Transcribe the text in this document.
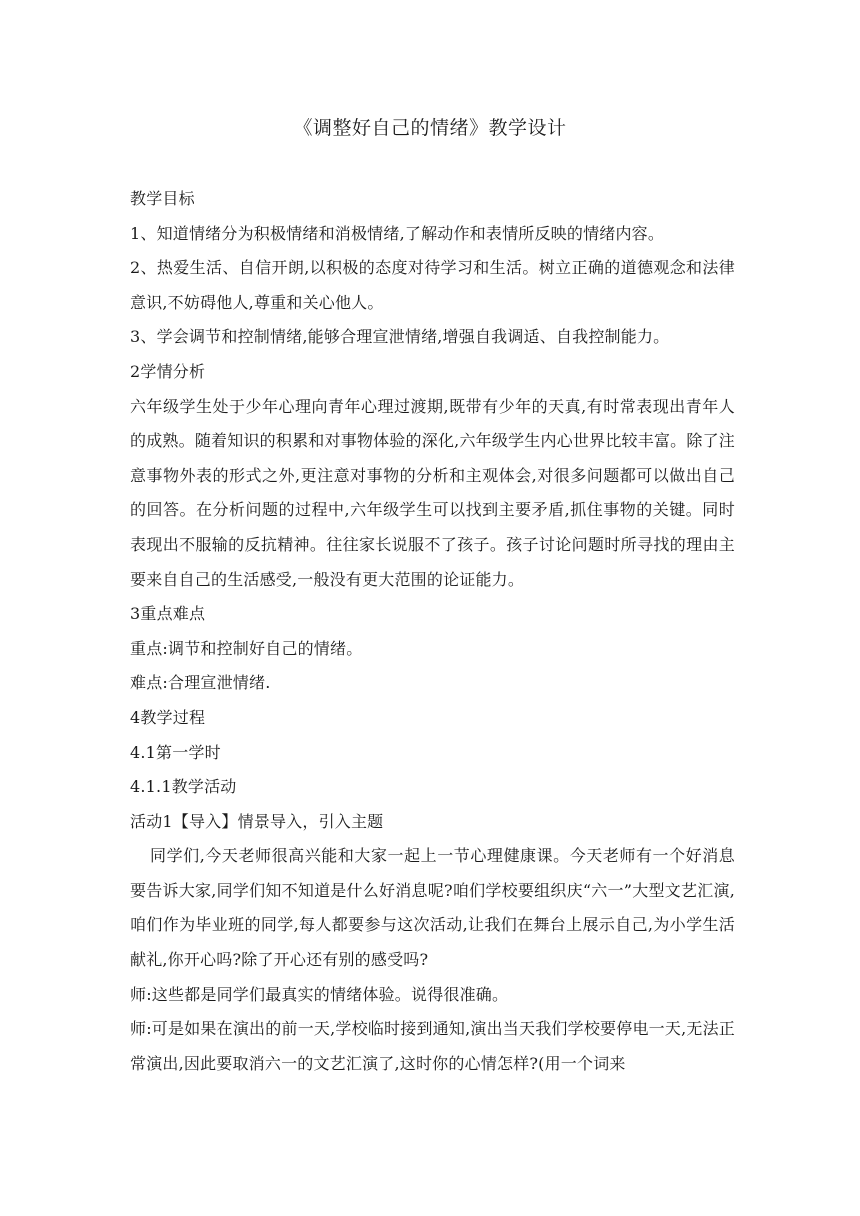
《调整好自己的情绪》教学设计

教学目标

1、知道情绪分为积极情绪和消极情绪,了解动作和表情所反映的情绪内容。

2、热爱生活、自信开朗,以积极的态度对待学习和生活。树立正确的道德观念和法律意识,不妨碍他人,尊重和关心他人。

3、学会调节和控制情绪,能够合理宣泄情绪,增强自我调适、自我控制能力。

2学情分析

六年级学生处于少年心理向青年心理过渡期,既带有少年的天真,有时常表现出青年人的成熟。随着知识的积累和对事物体验的深化,六年级学生内心世界比较丰富。除了注意事物外表的形式之外,更注意对事物的分析和主观体会,对很多问题都可以做出自己的回答。在分析问题的过程中,六年级学生可以找到主要矛盾,抓住事物的关键。同时表现出不服输的反抗精神。往往家长说服不了孩子。孩子讨论问题时所寻找的理由主要来自自己的生活感受,一般没有更大范围的论证能力。

3重点难点

重点:调节和控制好自己的情绪。

难点:合理宣泄情绪.

4教学过程

4.1第一学时

4.1.1教学活动

活动1【导入】情景导入，引入主题

同学们,今天老师很高兴能和大家一起上一节心理健康课。今天老师有一个好消息要告诉大家,同学们知不知道是什么好消息呢?咱们学校要组织庆“六一”大型文艺汇演,咱们作为毕业班的同学,每人都要参与这次活动,让我们在舞台上展示自己,为小学生活献礼,你开心吗?除了开心还有别的感受吗?

师:这些都是同学们最真实的情绪体验。说得很准确。

师:可是如果在演出的前一天,学校临时接到通知,演出当天我们学校要停电一天,无法正常演出,因此要取消六一的文艺汇演了,这时你的心情怎样?(用一个词来
